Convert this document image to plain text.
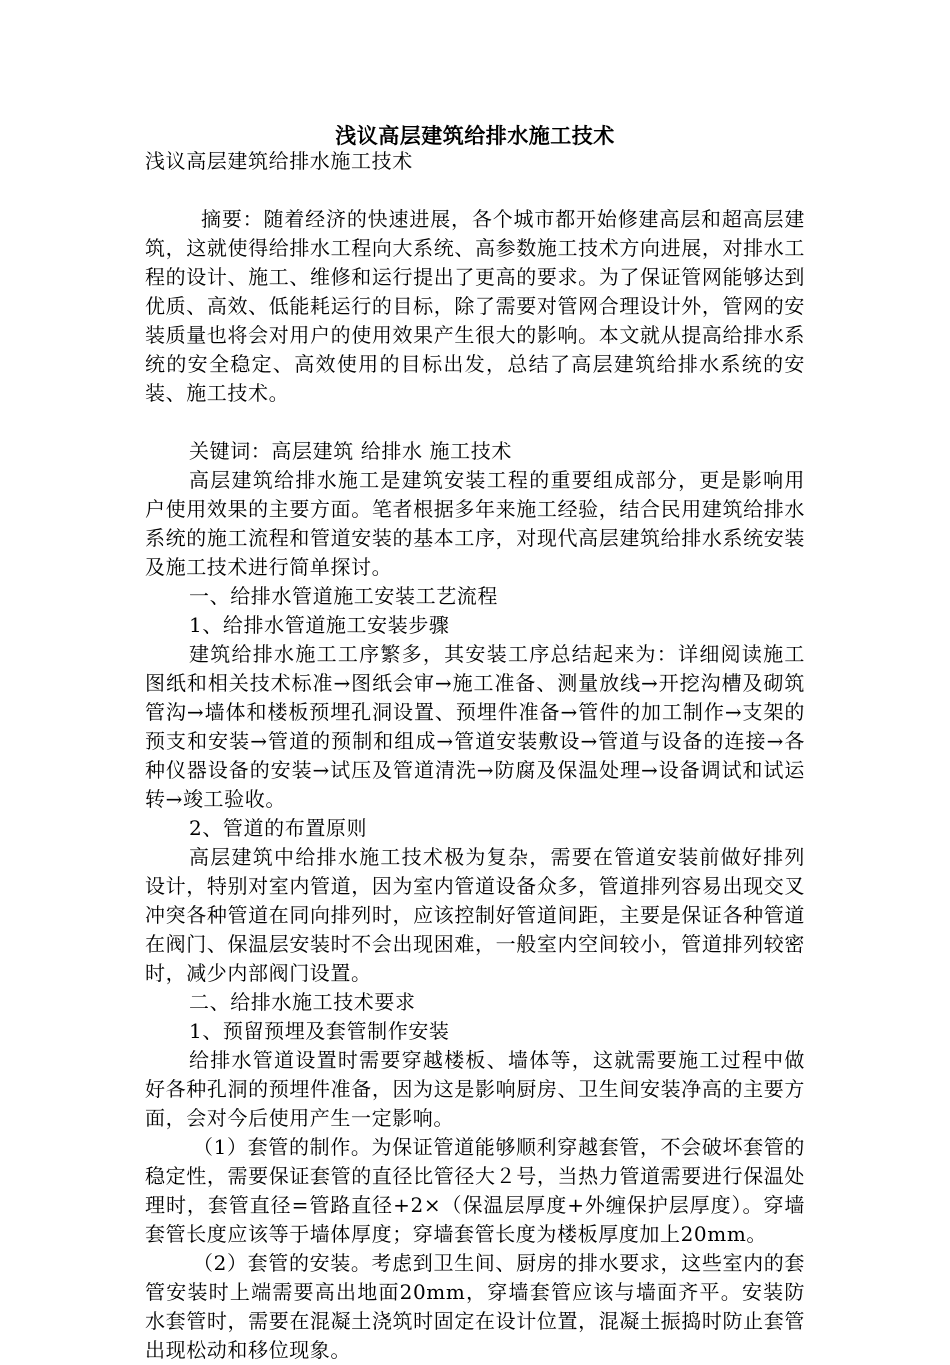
浅议高层建筑给排水施工技术

浅议高层建筑给排水施工技术

摘要：随着经济的快速进展，各个城市都开始修建高层和超高层建筑，这就使得给排水工程向大系统、高参数施工技术方向进展，对排水工程的设计、施工、维修和运行提出了更高的要求。为了保证管网能够达到优质、高效、低能耗运行的目标，除了需要对管网合理设计外，管网的安装质量也将会对用户的使用效果产生很大的影响。本文就从提高给排水系统的安全稳定、高效使用的目标出发，总结了高层建筑给排水系统的安装、施工技术。

关键词：高层建筑 给排水 施工技术

高层建筑给排水施工是建筑安装工程的重要组成部分，更是影响用户使用效果的主要方面。笔者根据多年来施工经验，结合民用建筑给排水系统的施工流程和管道安装的基本工序，对现代高层建筑给排水系统安装及施工技术进行简单探讨。

一、给排水管道施工安装工艺流程

1、给排水管道施工安装步骤

建筑给排水施工工序繁多，其安装工序总结起来为：详细阅读施工图纸和相关技术标准→图纸会审→施工准备、测量放线→开挖沟槽及砌筑管沟→墙体和楼板预埋孔洞设置、预埋件准备→管件的加工制作→支架的预支和安装→管道的预制和组成→管道安装敷设→管道与设备的连接→各种仪器设备的安装→试压及管道清洗→防腐及保温处理→设备调试和试运转→竣工验收。

2、管道的布置原则

高层建筑中给排水施工技术极为复杂，需要在管道安装前做好排列设计，特别对室内管道，因为室内管道设备众多，管道排列容易出现交叉冲突各种管道在同向排列时，应该控制好管道间距，主要是保证各种管道在阀门、保温层安装时不会出现困难，一般室内空间较小，管道排列较密时，减少内部阀门设置。

二、给排水施工技术要求

1、预留预埋及套管制作安装

给排水管道设置时需要穿越楼板、墙体等，这就需要施工过程中做好各种孔洞的预埋件准备，因为这是影响厨房、卫生间安装净高的主要方面，会对今后使用产生一定影响。

（1）套管的制作。为保证管道能够顺利穿越套管，不会破坏套管的稳定性，需要保证套管的直径比管径大２号，当热力管道需要进行保温处理时，套管直径=管路直径+2×（保温层厚度+外缠保护层厚度）。穿墙套管长度应该等于墙体厚度；穿墙套管长度为楼板厚度加上20mm。

（2）套管的安装。考虑到卫生间、厨房的排水要求，这些室内的套管安装时上端需要高出地面20mm，穿墙套管应该与墙面齐平。安装防水套管时，需要在混凝土浇筑时固定在设计位置，混凝土振捣时防止套管出现松动和移位现象。
